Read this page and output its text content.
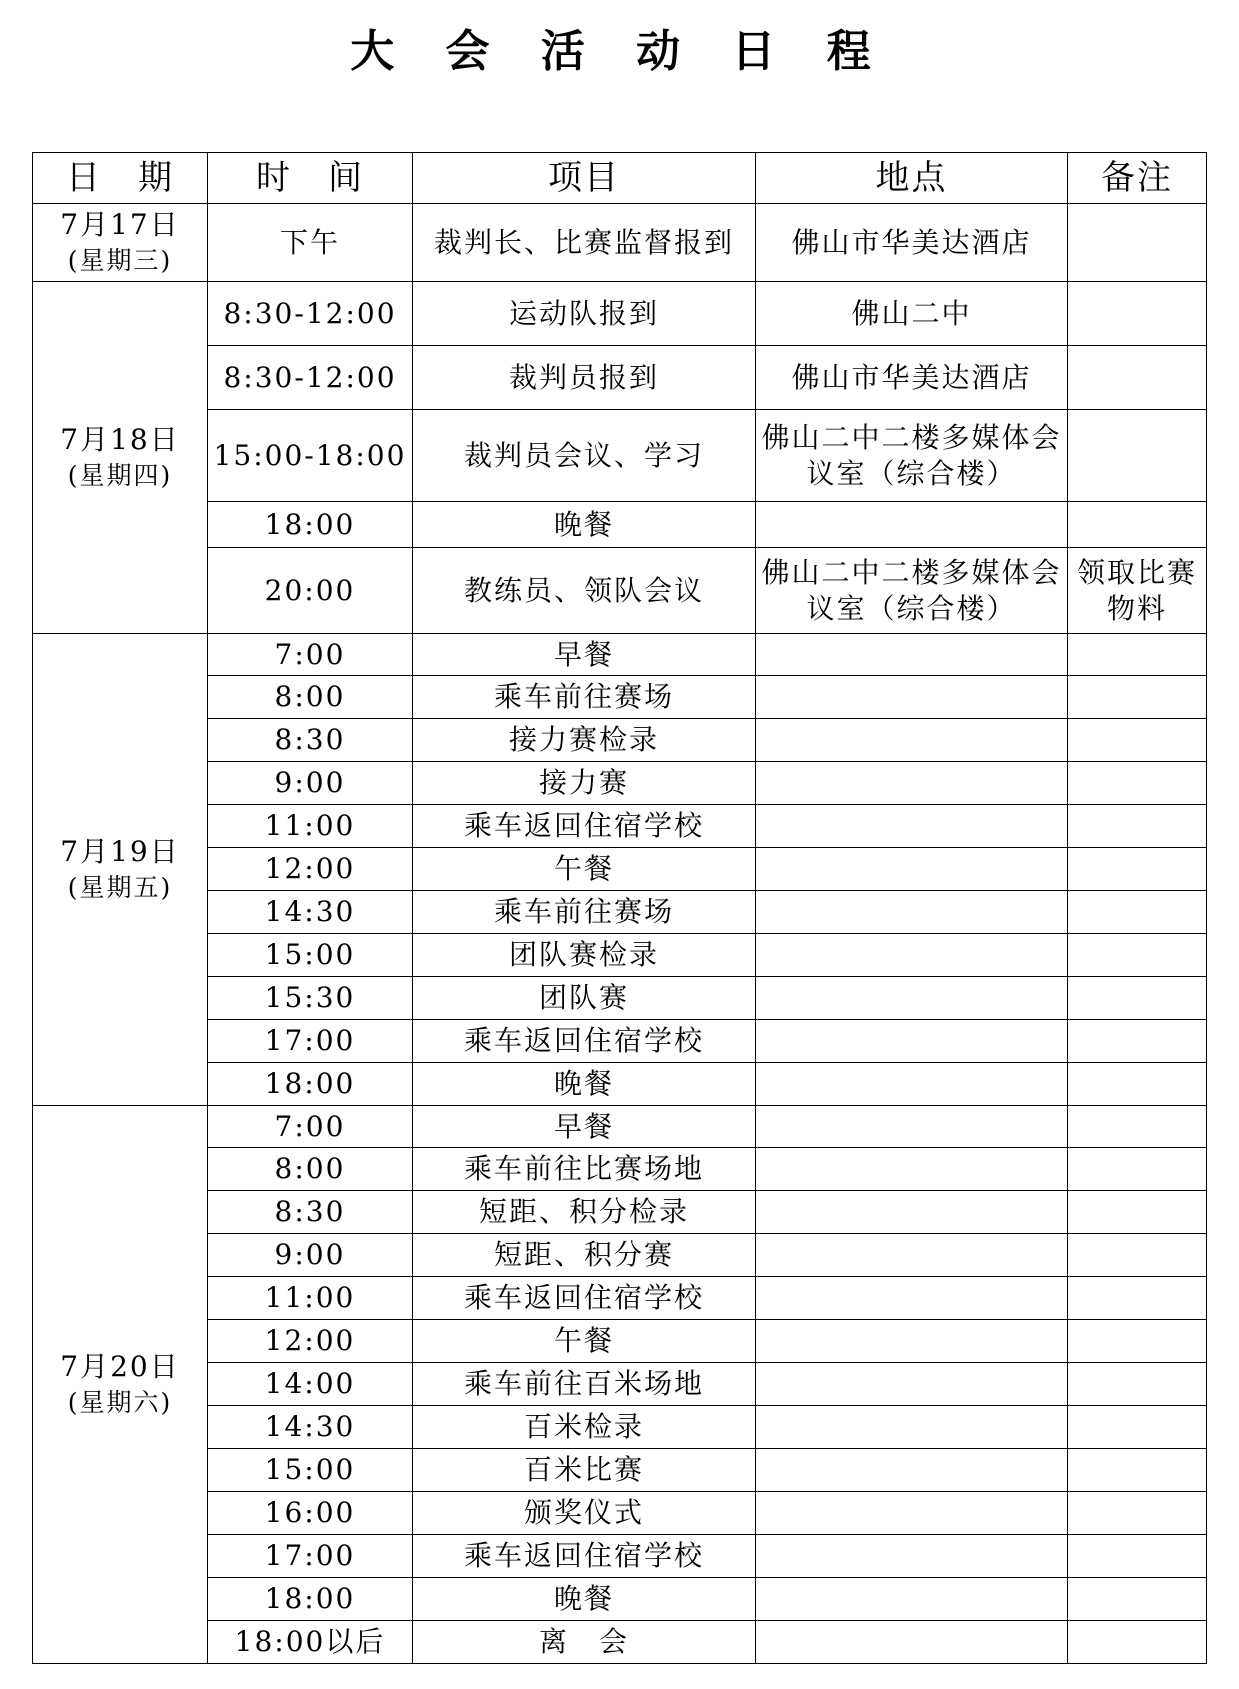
大 会 活 动 日 程
日　期	时　间	项目	地点	备注

7月17日
(星期三)	下午	裁判长、比赛监督报到	佛山市华美达酒店	

7月18日
(星期四)	8:30-12:00	运动队报到	佛山二中	
	8:30-12:00	裁判员报到	佛山市华美达酒店	
	15:00-18:00	裁判员会议、学习	佛山二中二楼多媒体会议室（综合楼）	
	18:00	晚餐		
	20:00	教练员、领队会议	佛山二中二楼多媒体会议室（综合楼）	领取比赛物料

7月19日
(星期五)	7:00	早餐		
	8:00	乘车前往赛场		
	8:30	接力赛检录		
	9:00	接力赛		
	11:00	乘车返回住宿学校		
	12:00	午餐		
	14:30	乘车前往赛场		
	15:00	团队赛检录		
	15:30	团队赛		
	17:00	乘车返回住宿学校		
	18:00	晚餐		

7月20日
(星期六)	7:00	早餐		
	8:00	乘车前往比赛场地		
	8:30	短距、积分检录		
	9:00	短距、积分赛		
	11:00	乘车返回住宿学校		
	12:00	午餐		
	14:00	乘车前往百米场地		
	14:30	百米检录		
	15:00	百米比赛		
	16:00	颁奖仪式		
	17:00	乘车返回住宿学校		
	18:00	晚餐		
	18:00以后	离　会		
